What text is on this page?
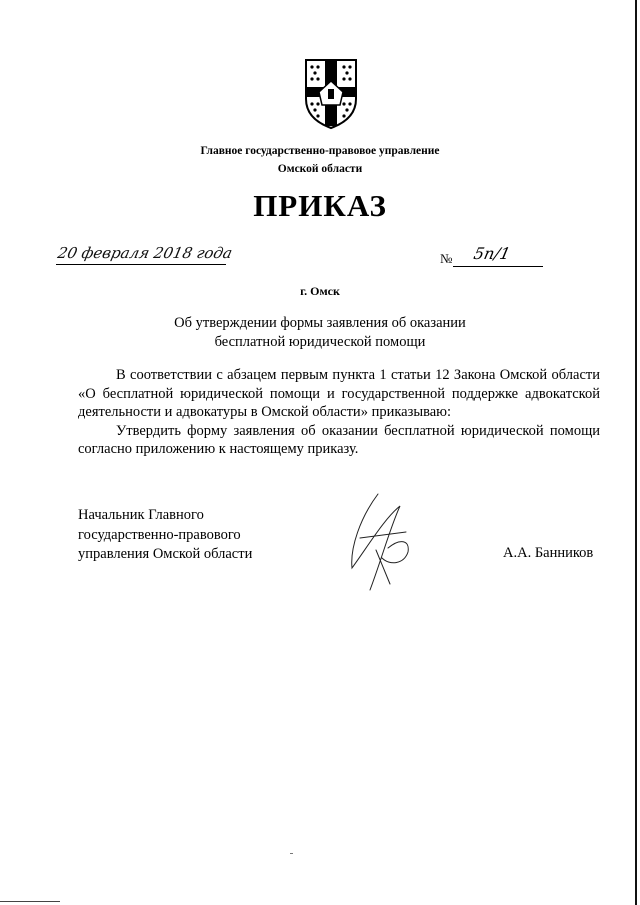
Главное государственно-правовое управление
Омской области
ПРИКАЗ
20 февраля 2018 года	№ 5п/1
г. Омск
Об утверждении формы заявления об оказании
бесплатной юридической помощи

В соответствии с абзацем первым пункта 1 статьи 12 Закона Омской области «О бесплатной юридической помощи и государственной поддержке адвокатской деятельности и адвокатуры в Омской области» приказываю:

Утвердить форму заявления об оказании бесплатной юридической помощи согласно приложению к настоящему приказу.

Начальник Главного
государственно-правового
управления Омской области	А.А. Банников
